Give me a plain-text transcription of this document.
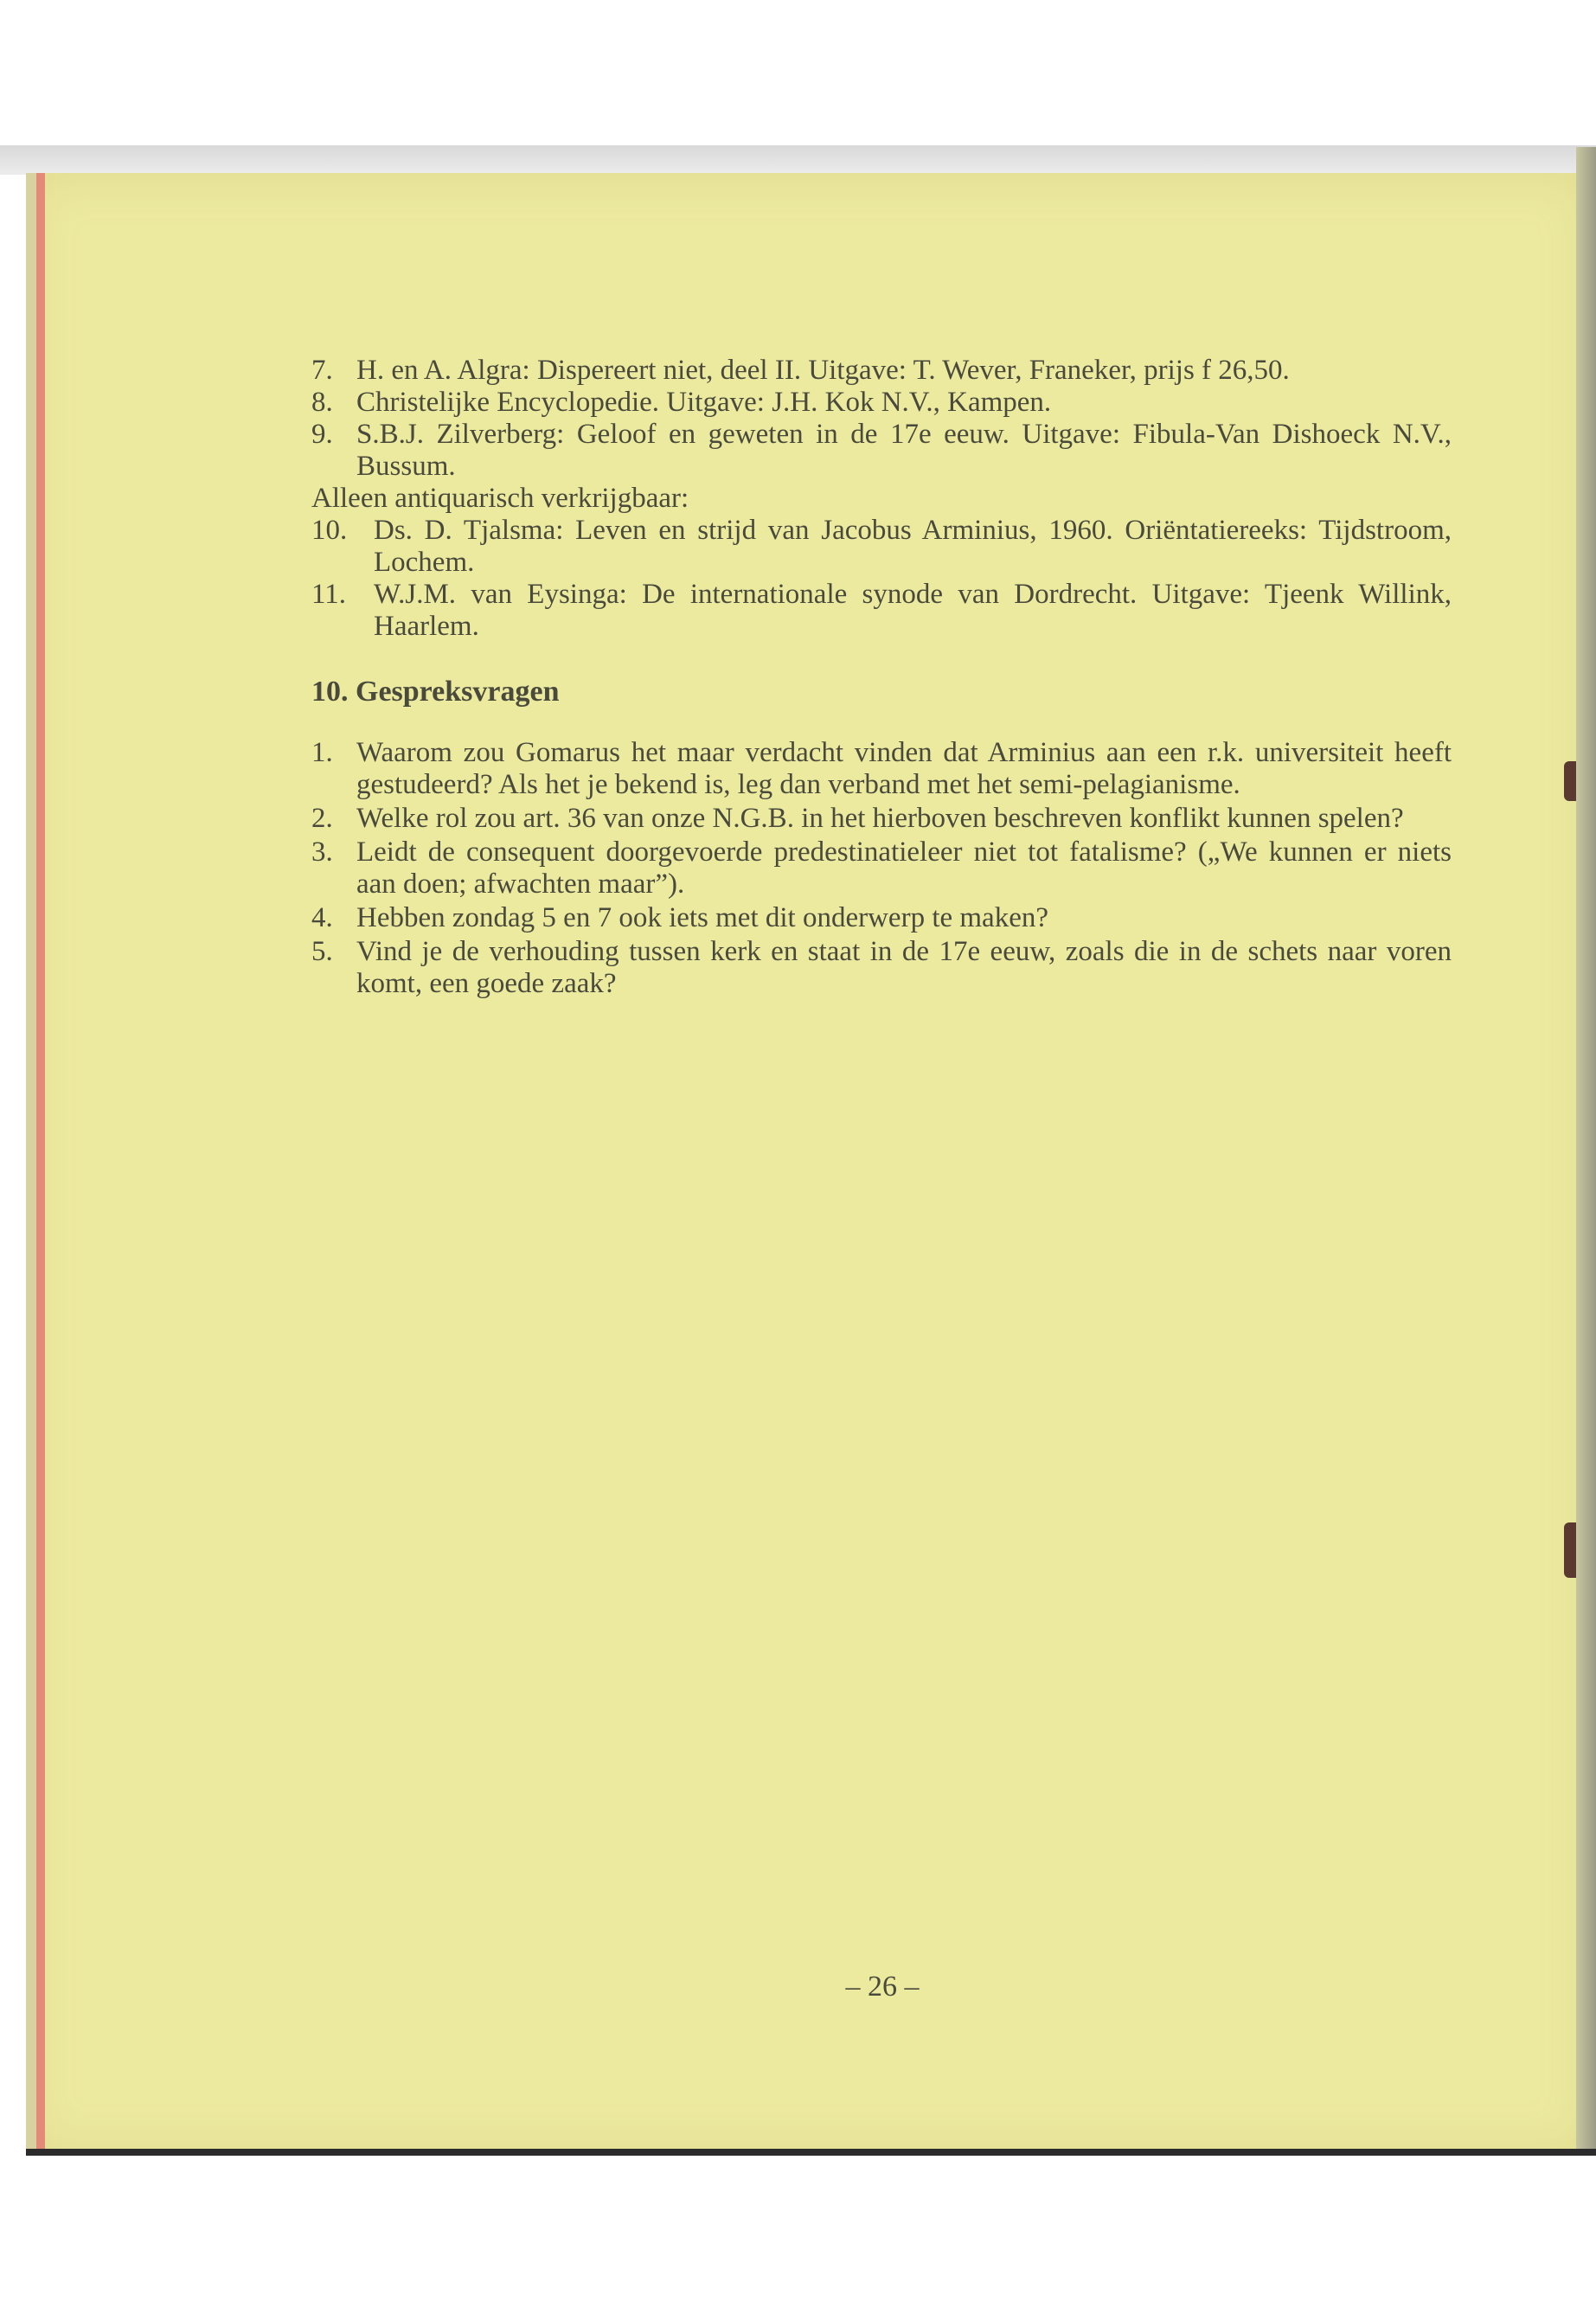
7. H. en A. Algra: Dispereert niet, deel II. Uitgave: T. Wever, Franeker, prijs f 26,50.
8. Christelijke Encyclopedie. Uitgave: J.H. Kok N.V., Kampen.
9. S.B.J. Zilverberg: Geloof en geweten in de 17e eeuw. Uitgave: Fibula-Van Dishoeck N.V., Bussum.

Alleen antiquarisch verkrijgbaar:

10. Ds. D. Tjalsma: Leven en strijd van Jacobus Arminius, 1960. Oriëntatiereeks: Tijdstroom, Lochem.
11. W.J.M. van Eysinga: De internationale synode van Dordrecht. Uitgave: Tjeenk Willink, Haarlem.
10. Gespreksvragen
1. Waarom zou Gomarus het maar verdacht vinden dat Arminius aan een r.k. universiteit heeft gestudeerd? Als het je bekend is, leg dan verband met het semi-pelagianisme.
2. Welke rol zou art. 36 van onze N.G.B. in het hierboven beschreven konflikt kunnen spelen?
3. Leidt de consequent doorgevoerde predestinatieleer niet tot fatalisme? („We kunnen er niets aan doen; afwachten maar”).
4. Hebben zondag 5 en 7 ook iets met dit onderwerp te maken?
5. Vind je de verhouding tussen kerk en staat in de 17e eeuw, zoals die in de schets naar voren komt, een goede zaak?
– 26 –
